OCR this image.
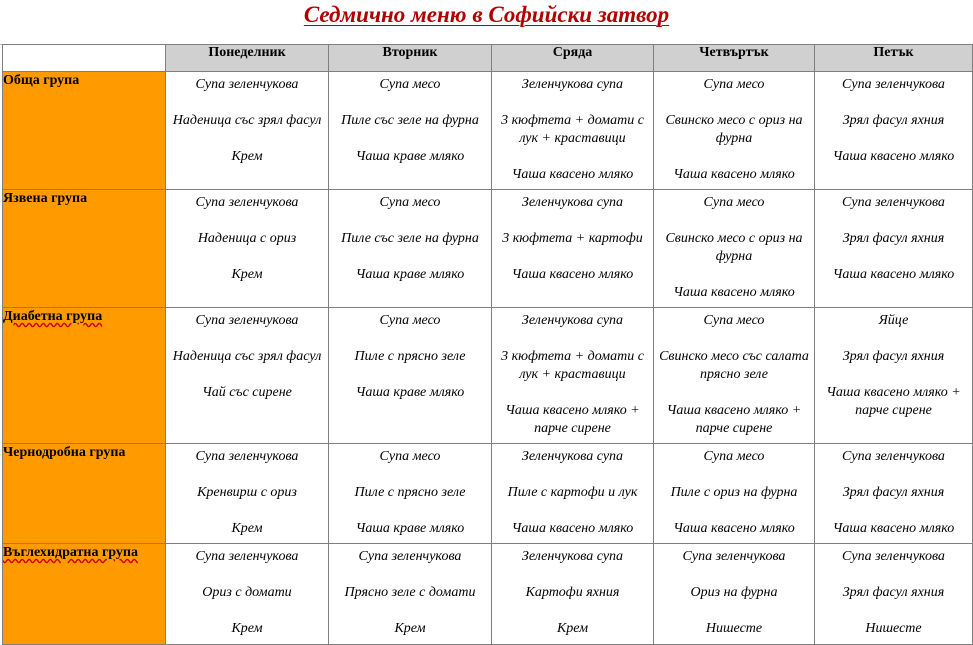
Седмично меню в Софийски затвор
	Понеделник	Вторник	Сряда	Четвъртък	Петък
Обща група	Супа зеленчукова
Наденица със зрял фасул
Крем	Супа месо
Пиле със зеле на фурна
Чаша краве мляко	Зеленчукова супа
3 кюфтета + домати с лук + краставици
Чаша квасено мляко	Супа месо
Свинско месо с ориз на фурна
Чаша квасено мляко	Супа зеленчукова
Зрял фасул яхния
Чаша квасено мляко

Язвена група	Супа зеленчукова
Наденица с ориз
Крем	Супа месо
Пиле със зеле на фурна
Чаша краве мляко	Зеленчукова супа
3 кюфтета + картофи
Чаша квасено мляко	Супа месо
Свинско месо с ориз на фурна
Чаша квасено мляко	Супа зеленчукова
Зрял фасул яхния
Чаша квасено мляко

Диабетна група	Супа зеленчукова
Наденица със зрял фасул
Чай със сирене	Супа месо
Пиле с прясно зеле
Чаша краве мляко	Зеленчукова супа
3 кюфтета + домати с лук + краставици
Чаша квасено мляко + парче сирене	Супа месо
Свинско месо със салата прясно зеле
Чаша квасено мляко + парче сирене	Яйце
Зрял фасул яхния
Чаша квасено мляко + парче сирене

Чернодробна група	Супа зеленчукова
Кренвирш с ориз
Крем	Супа месо
Пиле с прясно зеле
Чаша краве мляко	Зеленчукова супа
Пиле с картофи и лук
Чаша квасено мляко	Супа месо
Пиле с ориз на фурна
Чаша квасено мляко	Супа зеленчукова
Зрял фасул яхния
Чаша квасено мляко

Въглехидратна група	Супа зеленчукова
Ориз с домати
Крем	Супа зеленчукова
Прясно зеле с домати
Крем	Зеленчукова супа
Картофи яхния
Крем	Супа зеленчукова
Ориз на фурна
Нишесте	Супа зеленчукова
Зрял фасул яхния
Нишесте
